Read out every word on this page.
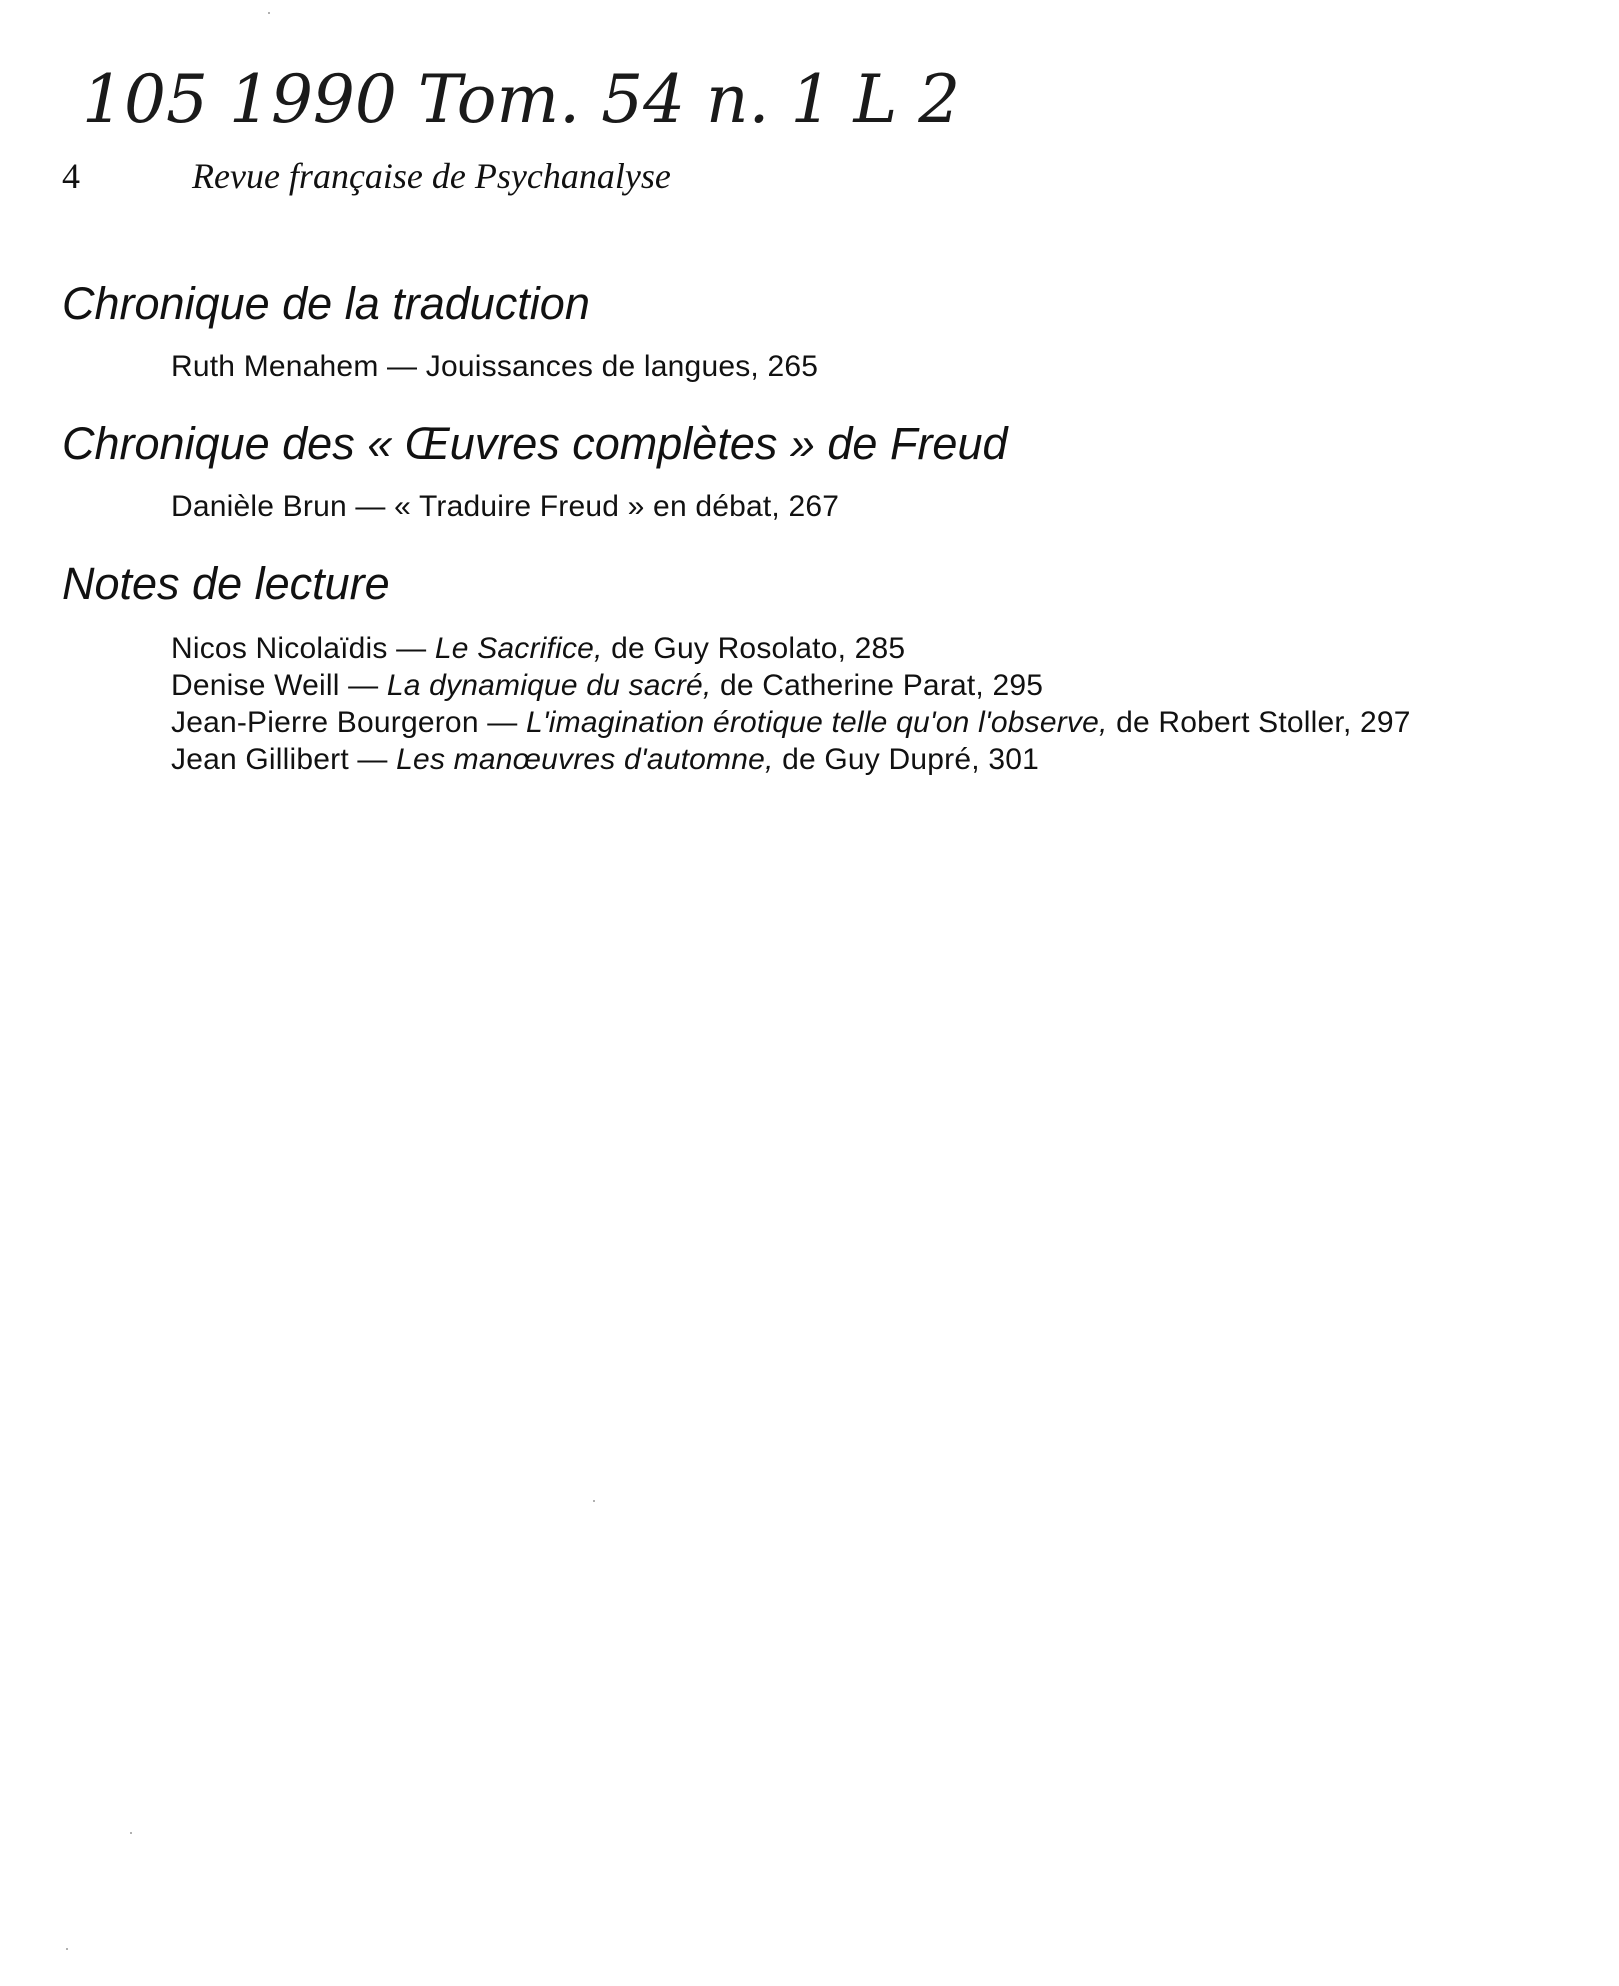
105 1990 Tom. 54 n. 1 L 2
4	Revue française de Psychanalyse
Chronique de la traduction
Ruth Menahem — Jouissances de langues, 265
Chronique des « Œuvres complètes » de Freud
Danièle Brun — « Traduire Freud » en débat, 267
Notes de lecture
Nicos Nicolaïdis — Le Sacrifice, de Guy Rosolato, 285
Denise Weill — La dynamique du sacré, de Catherine Parat, 295
Jean-Pierre Bourgeron — L'imagination érotique telle qu'on l'observe, de Robert Stoller, 297
Jean Gillibert — Les manœuvres d'automne, de Guy Dupré, 301
